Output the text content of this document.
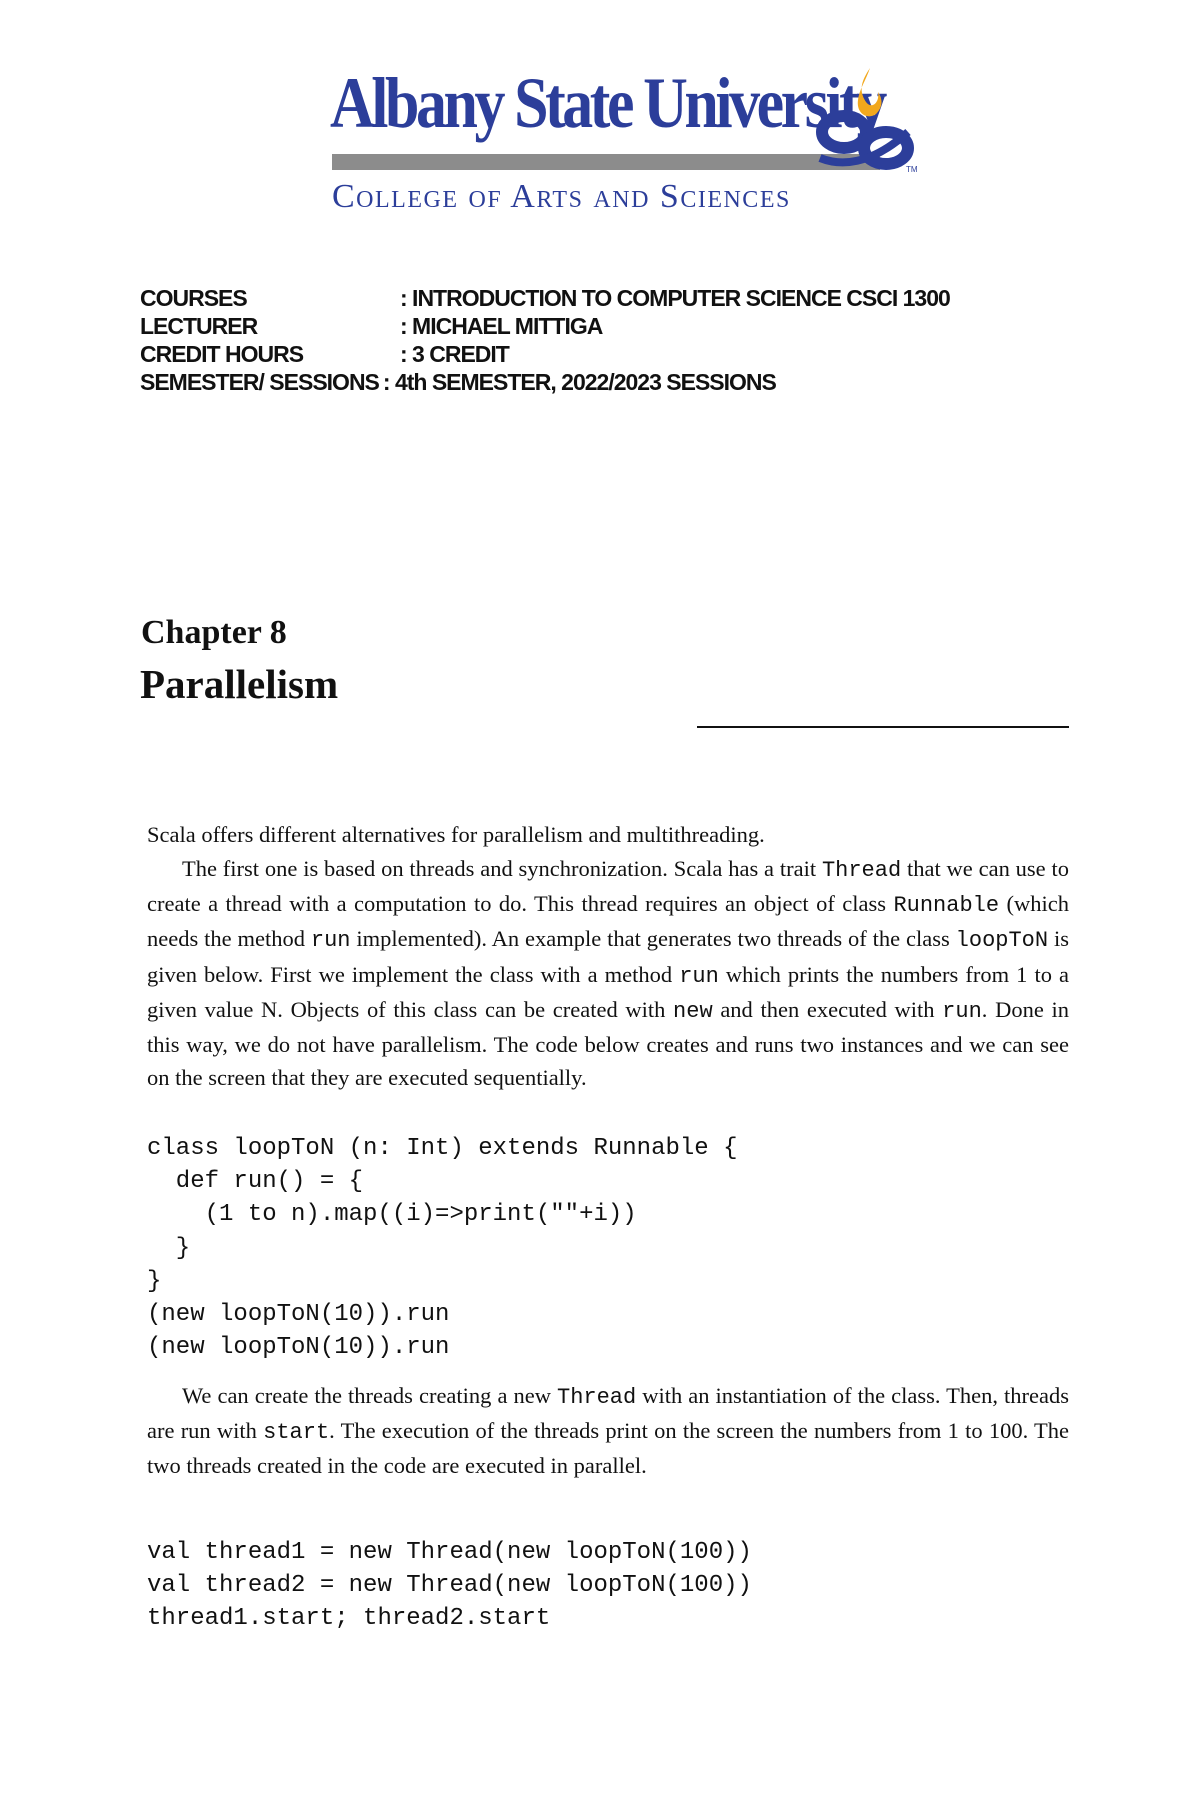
Albany State University
College of Arts and Sciences
TM
COURSES	: INTRODUCTION TO COMPUTER SCIENCE CSCI 1300
LECTURER	: MICHAEL MITTIGA
CREDIT HOURS	: 3 CREDIT
SEMESTER/ SESSIONS : 4th SEMESTER, 2022/2023 SESSIONS
Chapter 8
Parallelism

Scala offers different alternatives for parallelism and multithreading.

The first one is based on threads and synchronization. Scala has a trait Thread that we can use to create a thread with a computation to do. This thread requires an object of class Runnable (which needs the method run implemented). An example that generates two threads of the class loopToN is given below. First we implement the class with a method run which prints the numbers from 1 to a given value N. Objects of this class can be created with new and then executed with run. Done in this way, we do not have parallelism. The code below creates and runs two instances and we can see on the screen that they are executed sequentially.

class loopToN (n: Int) extends Runnable {
def run() = {
(1 to n).map((i)=>print(""+i))
}
}
(new loopToN(10)).run
(new loopToN(10)).run

We can create the threads creating a new Thread with an instantiation of the class. Then, threads are run with start. The execution of the threads print on the screen the numbers from 1 to 100. The two threads created in the code are executed in parallel.

val thread1 = new Thread(new loopToN(100))
val thread2 = new Thread(new loopToN(100))
thread1.start; thread2.start
